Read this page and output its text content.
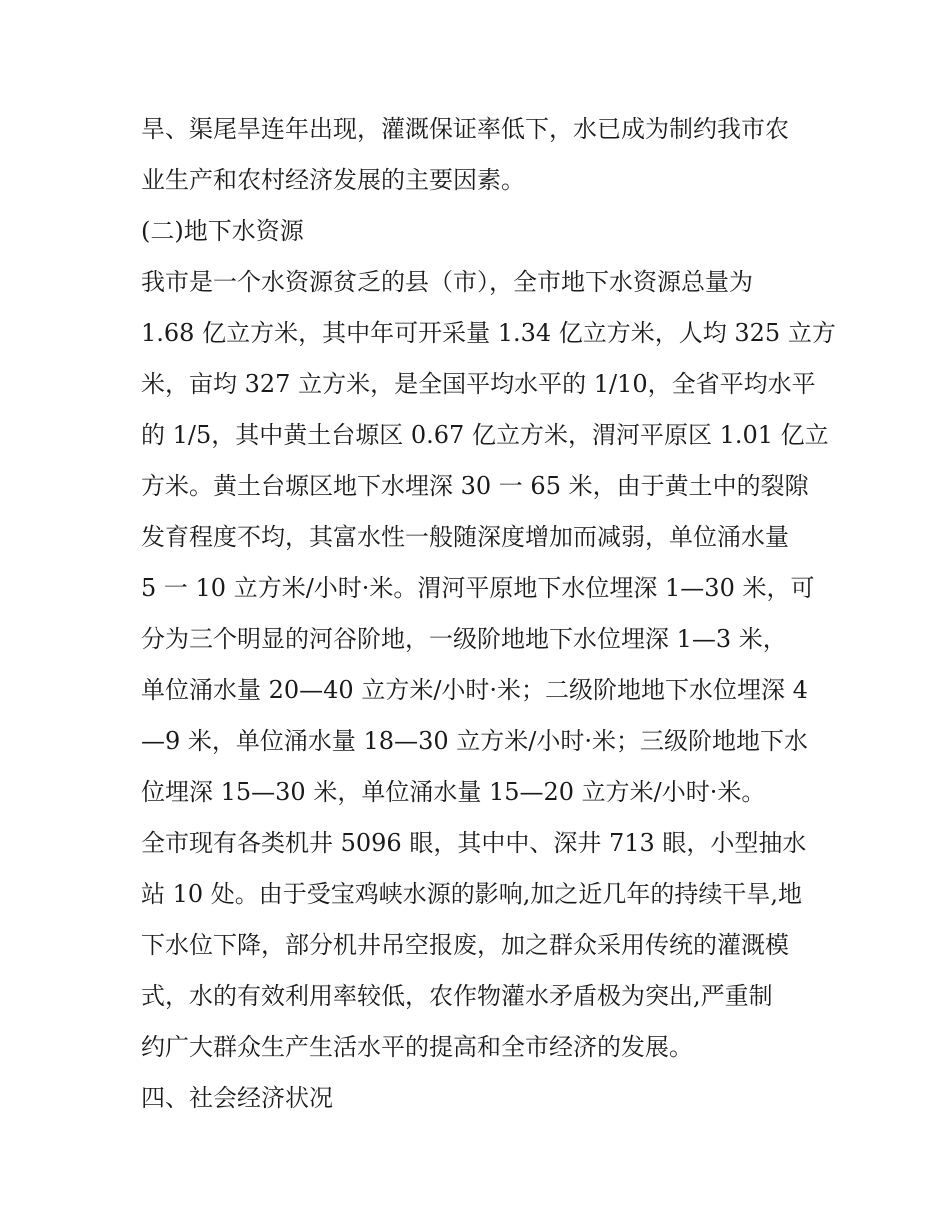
旱、渠尾旱连年出现，灌溉保证率低下，水已成为制约我市农
业生产和农村经济发展的主要因素。
(二)地下水资源
我市是一个水资源贫乏的县（市），全市地下水资源总量为
1.68 亿立方米，其中年可开采量 1.34 亿立方米，人均 325 立方
米，亩均 327 立方米，是全国平均水平的 1/10，全省平均水平
的 1/5，其中黄土台塬区 0.67 亿立方米，渭河平原区 1.01 亿立
方米。黄土台塬区地下水埋深 30 一 65 米，由于黄土中的裂隙
发育程度不均，其富水性一般随深度增加而减弱，单位涌水量
5 一 10 立方米/小时·米。渭河平原地下水位埋深 1—30 米，可
分为三个明显的河谷阶地，一级阶地地下水位埋深 1—3 米，
单位涌水量 20—40 立方米/小时·米；二级阶地地下水位埋深 4
—9 米，单位涌水量 18—30 立方米/小时·米；三级阶地地下水
位埋深 15—30 米，单位涌水量 15—20 立方米/小时·米。
全市现有各类机井 5096 眼，其中中、深井 713 眼，小型抽水
站 10 处。由于受宝鸡峡水源的影响,加之近几年的持续干旱,地
下水位下降，部分机井吊空报废，加之群众采用传统的灌溉模
式，水的有效利用率较低，农作物灌水矛盾极为突出,严重制
约广大群众生产生活水平的提高和全市经济的发展。
四、社会经济状况
